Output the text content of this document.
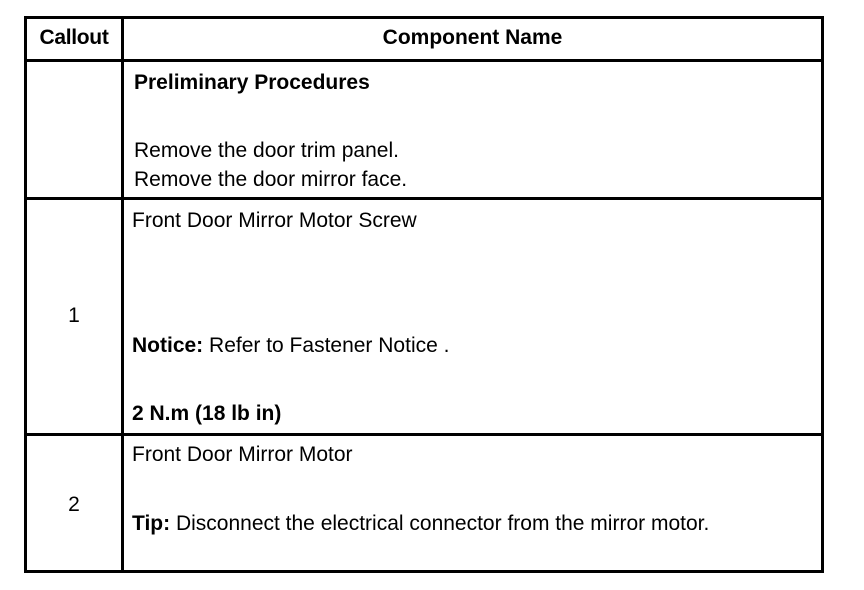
Callout	Component Name
Preliminary Procedures
Remove the door trim panel.
Remove the door mirror face.
1
Front Door Mirror Motor Screw
Notice: Refer to Fastener Notice .
2 N.m (18 lb in)
2
Front Door Mirror Motor
Tip: Disconnect the electrical connector from the mirror motor.
